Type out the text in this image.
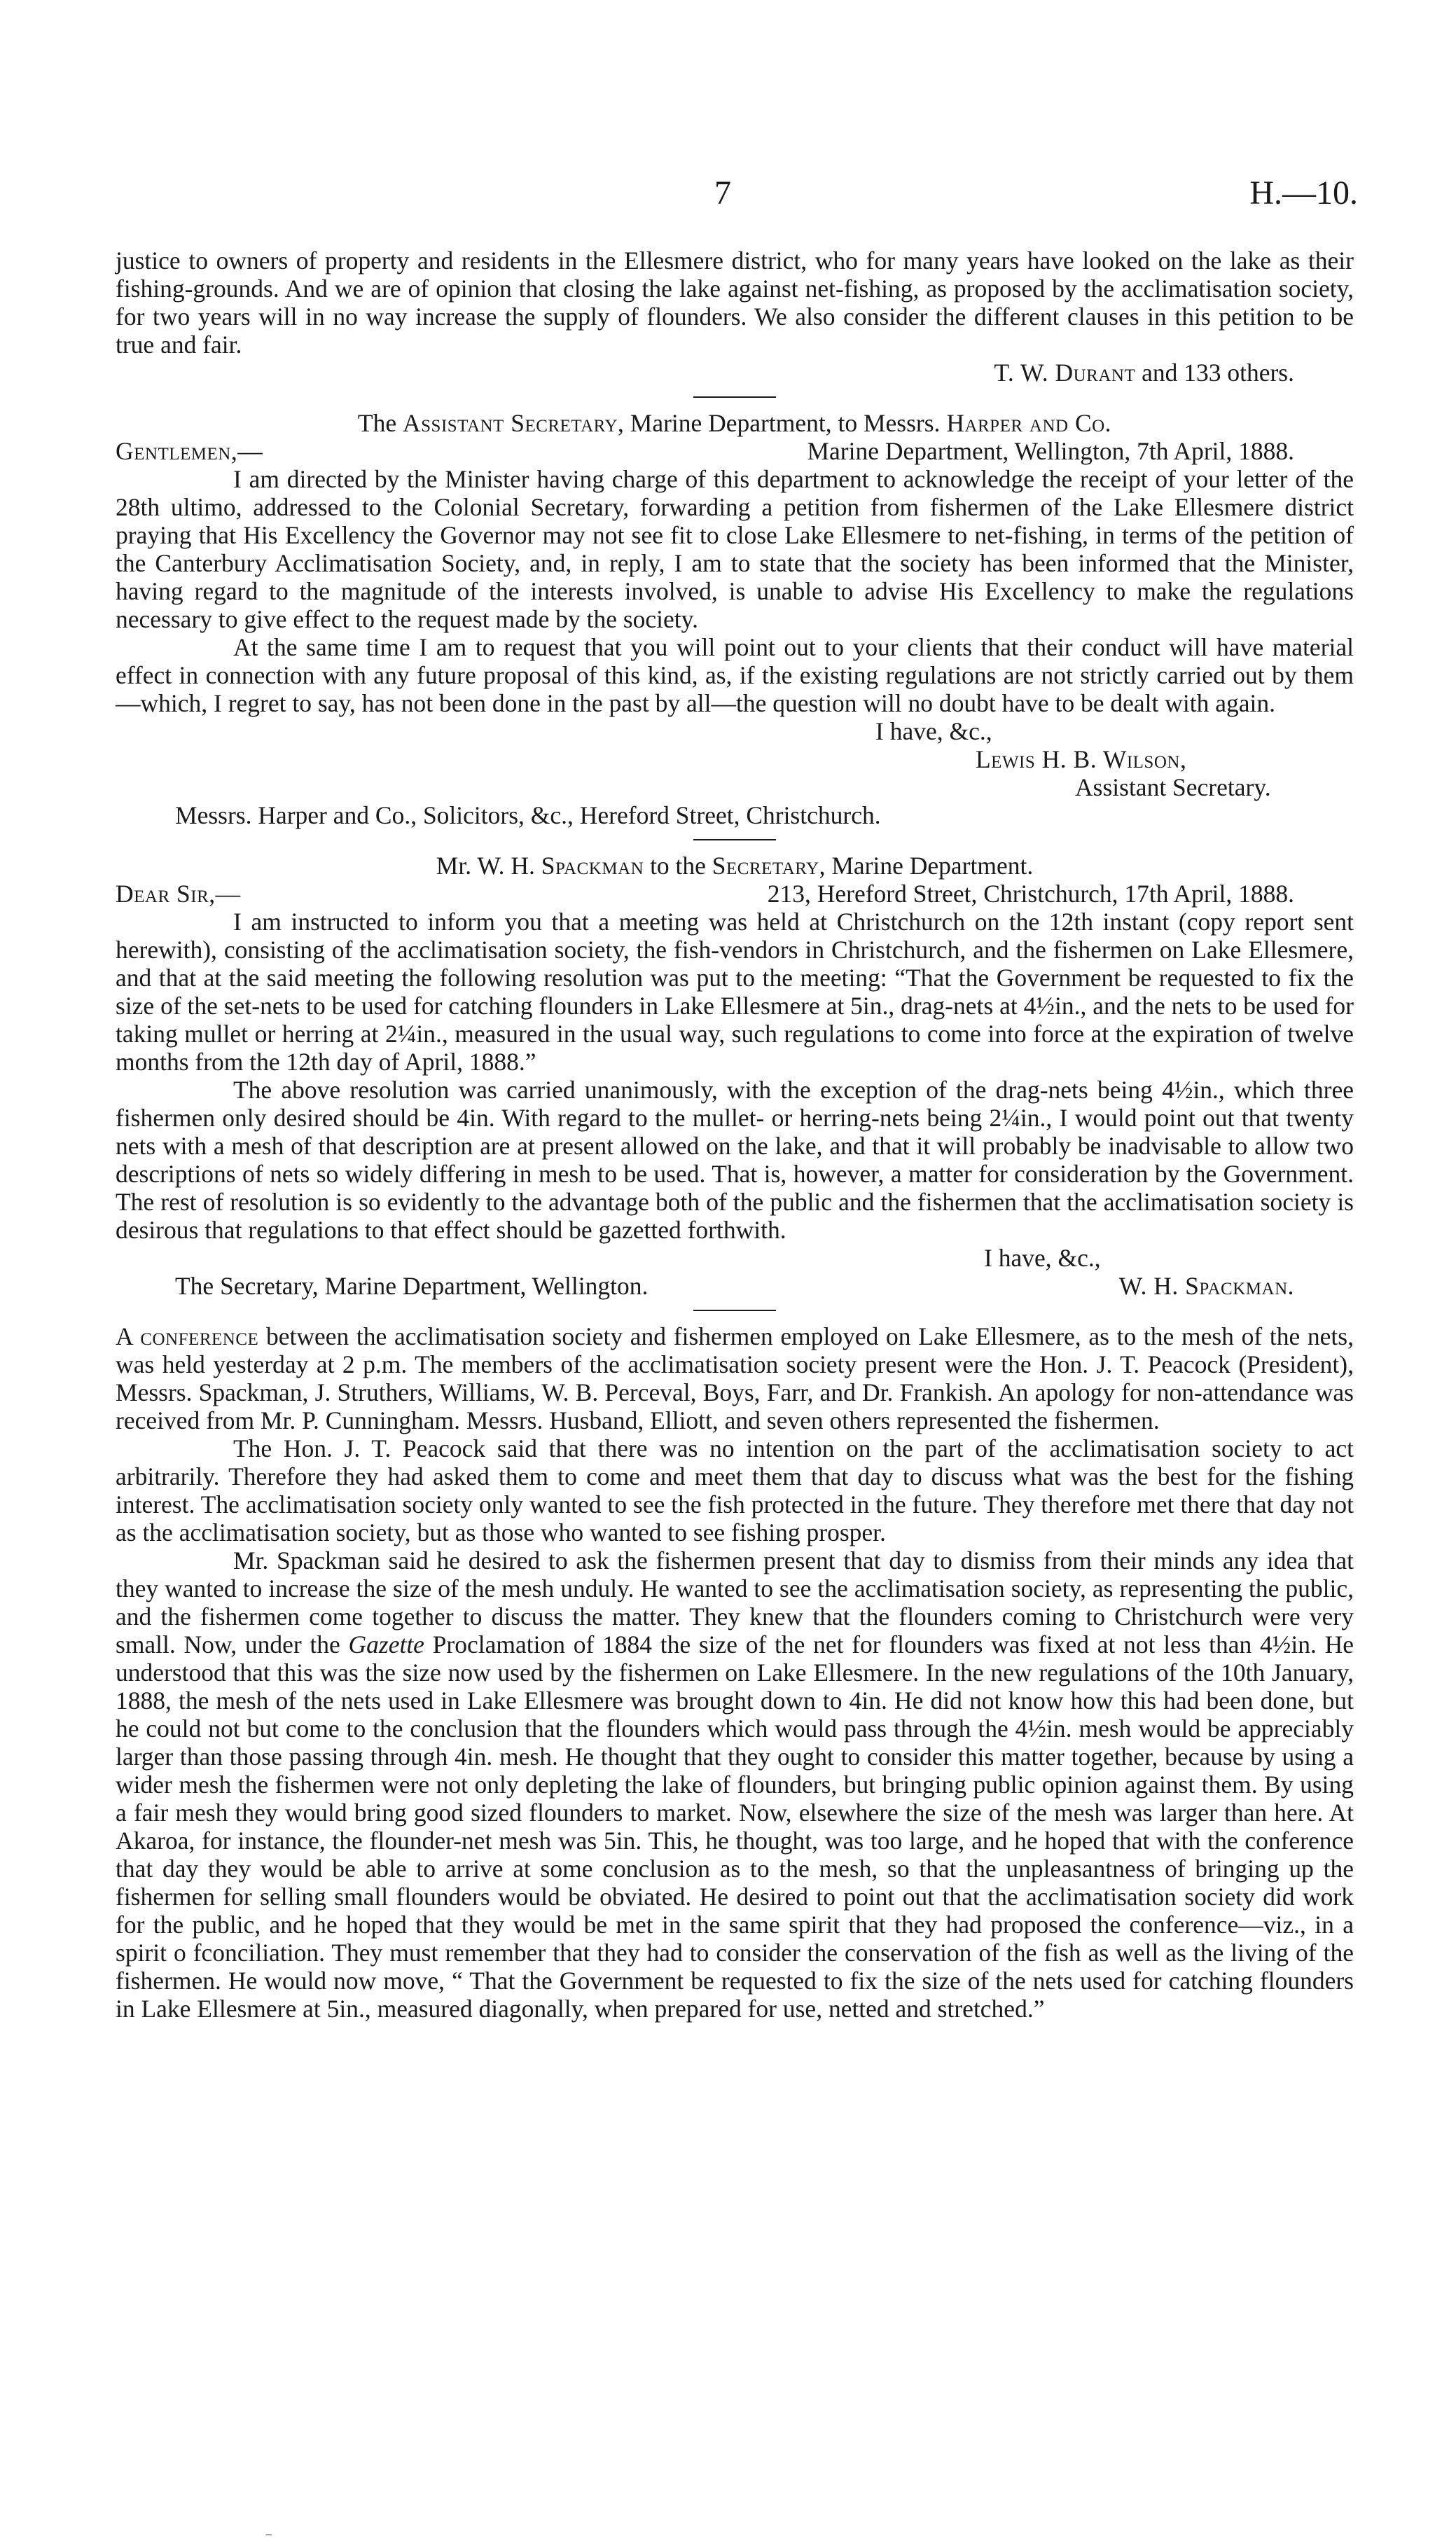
7	H.—10.

justice to owners of property and residents in the Ellesmere district, who for many years have looked on the lake as their fishing-grounds. And we are of opinion that closing the lake against net-fishing, as proposed by the acclimatisation society, for two years will in no way increase the supply of flounders. We also consider the different clauses in this petition to be true and fair.

T. W. Durant and 133 others.

The Assistant Secretary, Marine Department, to Messrs. Harper and Co.

Gentlemen,—	Marine Department, Wellington, 7th April, 1888.

I am directed by the Minister having charge of this department to acknowledge the receipt of your letter of the 28th ultimo, addressed to the Colonial Secretary, forwarding a petition from fishermen of the Lake Ellesmere district praying that His Excellency the Governor may not see fit to close Lake Ellesmere to net-fishing, in terms of the petition of the Canterbury Acclimatisation Society, and, in reply, I am to state that the society has been informed that the Minister, having regard to the magnitude of the interests involved, is unable to advise His Excellency to make the regulations necessary to give effect to the request made by the society.

At the same time I am to request that you will point out to your clients that their conduct will have material effect in connection with any future proposal of this kind, as, if the existing regulations are not strictly carried out by them—which, I regret to say, has not been done in the past by all—the question will no doubt have to be dealt with again.

I have, &c.,

Lewis H. B. Wilson,

Assistant Secretary.

Messrs. Harper and Co., Solicitors, &c., Hereford Street, Christchurch.

Mr. W. H. Spackman to the Secretary, Marine Department.

Dear Sir,—	213, Hereford Street, Christchurch, 17th April, 1888.

I am instructed to inform you that a meeting was held at Christchurch on the 12th instant (copy report sent herewith), consisting of the acclimatisation society, the fish-vendors in Christchurch, and the fishermen on Lake Ellesmere, and that at the said meeting the following resolution was put to the meeting: “That the Government be requested to fix the size of the set-nets to be used for catching flounders in Lake Ellesmere at 5in., drag-nets at 4½in., and the nets to be used for taking mullet or herring at 2¼in., measured in the usual way, such regulations to come into force at the expiration of twelve months from the 12th day of April, 1888.”

The above resolution was carried unanimously, with the exception of the drag-nets being 4½in., which three fishermen only desired should be 4in. With regard to the mullet- or herring-nets being 2¼in., I would point out that twenty nets with a mesh of that description are at present allowed on the lake, and that it will probably be inadvisable to allow two descriptions of nets so widely differing in mesh to be used. That is, however, a matter for consideration by the Government. The rest of resolution is so evidently to the advantage both of the public and the fishermen that the acclimatisation society is desirous that regulations to that effect should be gazetted forthwith.

I have, &c.,

The Secretary, Marine Department, Wellington.	W. H. Spackman.

A conference between the acclimatisation society and fishermen employed on Lake Ellesmere, as to the mesh of the nets, was held yesterday at 2 p.m. The members of the acclimatisation society present were the Hon. J. T. Peacock (President), Messrs. Spackman, J. Struthers, Williams, W. B. Perceval, Boys, Farr, and Dr. Frankish. An apology for non-attendance was received from Mr. P. Cunningham. Messrs. Husband, Elliott, and seven others represented the fishermen.

The Hon. J. T. Peacock said that there was no intention on the part of the acclimatisation society to act arbitrarily. Therefore they had asked them to come and meet them that day to discuss what was the best for the fishing interest. The acclimatisation society only wanted to see the fish protected in the future. They therefore met there that day not as the acclimatisation society, but as those who wanted to see fishing prosper.

Mr. Spackman said he desired to ask the fishermen present that day to dismiss from their minds any idea that they wanted to increase the size of the mesh unduly. He wanted to see the acclimatisation society, as representing the public, and the fishermen come together to discuss the matter. They knew that the flounders coming to Christchurch were very small. Now, under the Gazette Proclamation of 1884 the size of the net for flounders was fixed at not less than 4½in. He understood that this was the size now used by the fishermen on Lake Ellesmere. In the new regulations of the 10th January, 1888, the mesh of the nets used in Lake Ellesmere was brought down to 4in. He did not know how this had been done, but he could not but come to the conclusion that the flounders which would pass through the 4½in. mesh would be appreciably larger than those passing through 4in. mesh. He thought that they ought to consider this matter together, because by using a wider mesh the fishermen were not only depleting the lake of flounders, but bringing public opinion against them. By using a fair mesh they would bring good sized flounders to market. Now, elsewhere the size of the mesh was larger than here. At Akaroa, for instance, the flounder-net mesh was 5in. This, he thought, was too large, and he hoped that with the conference that day they would be able to arrive at some conclusion as to the mesh, so that the unpleasantness of bringing up the fishermen for selling small flounders would be obviated. He desired to point out that the acclimatisation society did work for the public, and he hoped that they would be met in the same spirit that they had proposed the conference—viz., in a spirit o fconciliation. They must remember that they had to consider the conservation of the fish as well as the living of the fishermen. He would now move, “ That the Government be requested to fix the size of the nets used for catching flounders in Lake Ellesmere at 5in., measured diagonally, when prepared for use, netted and stretched.”

⁻
